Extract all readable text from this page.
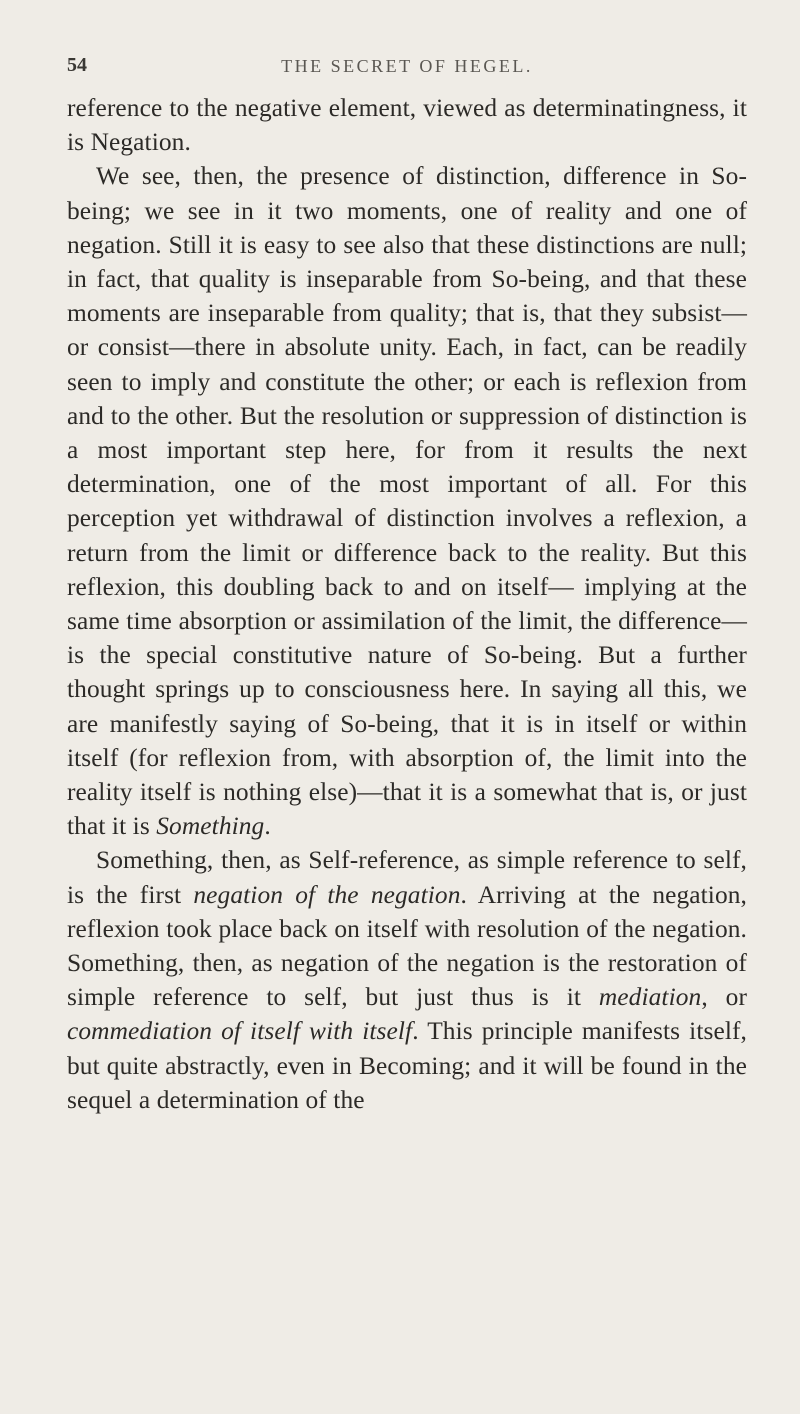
54	THE SECRET OF HEGEL.

reference to the negative element, viewed as determinatingness, it is Negation.

We see, then, the presence of distinction, difference in So-being; we see in it two moments, one of reality and one of negation. Still it is easy to see also that these distinctions are null; in fact, that quality is inseparable from So-being, and that these moments are inseparable from quality; that is, that they subsist—or consist—there in absolute unity. Each, in fact, can be readily seen to imply and constitute the other; or each is reflexion from and to the other. But the resolution or suppression of distinction is a most important step here, for from it results the next determination, one of the most important of all. For this perception yet withdrawal of distinction involves a reflexion, a return from the limit or difference back to the reality. But this reflexion, this doubling back to and on itself— implying at the same time absorption or assimilation of the limit, the difference—is the special constitutive nature of So-being. But a further thought springs up to consciousness here. In saying all this, we are manifestly saying of So-being, that it is in itself or within itself (for reflexion from, with absorption of, the limit into the reality itself is nothing else)—that it is a somewhat that is, or just that it is Something.

Something, then, as Self-reference, as simple reference to self, is the first negation of the negation. Arriving at the negation, reflexion took place back on itself with resolution of the negation. Something, then, as negation of the negation is the restoration of simple reference to self, but just thus is it mediation, or commediation of itself with itself. This principle manifests itself, but quite abstractly, even in Becoming; and it will be found in the sequel a determination of the
